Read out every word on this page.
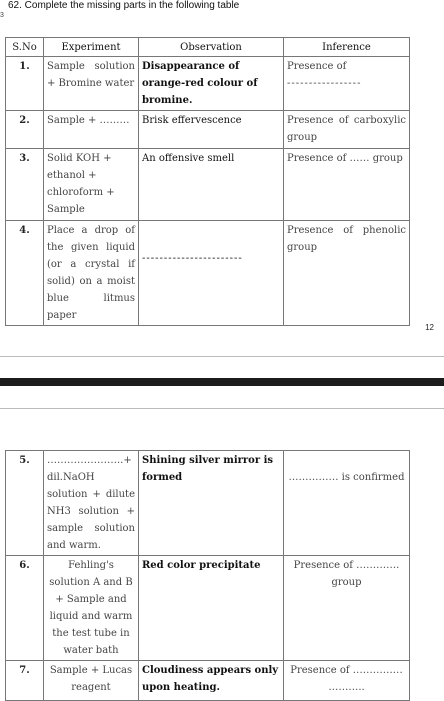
3
62. Complete the missing parts in the following table
S.No	Experiment	Observation	Inference
1.	Sample solution + Bromine water	Disappearance of orange-red colour of bromine.	Presence of
-----------------

2.	Sample + ………	Brisk effervescence	Presence of carboxylic group
3.	Solid KOH +
ethanol +
chloroform +
Sample	An offensive smell	Presence of …… group
4.	Place a drop of the given liquid (or a crystal if solid) on a moist blue litmus paper	-----------------------	Presence of phenolic group
12
5.	…………………..+ dil.NaOH solution + dilute NH3 solution + sample solution and warm.	Shining silver mirror is formed	…………… is confirmed
6.	Fehling's solution A and B + Sample and liquid and warm the test tube in water bath	Red color precipitate	Presence of …………. group
7.	Sample + Lucas reagent	Cloudiness appears only upon heating.	Presence of ……………
………..
